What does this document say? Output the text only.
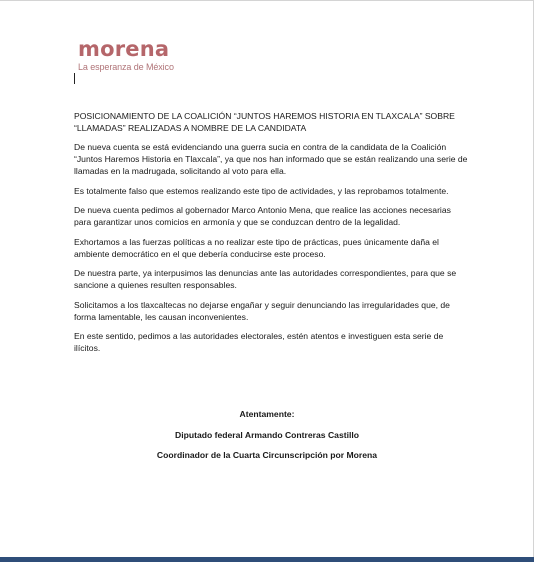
morena
La esperanza de México

POSICIONAMIENTO DE LA COALICIÓN “JUNTOS HAREMOS HISTORIA EN TLAXCALA” SOBRE “LLAMADAS” REALIZADAS A NOMBRE DE LA CANDIDATA

De nueva cuenta se está evidenciando una guerra sucia en contra de la candidata de la Coalición “Juntos Haremos Historia en Tlaxcala”, ya que nos han informado que se están realizando una serie de llamadas en la madrugada, solicitando al voto para ella.

Es totalmente falso que estemos realizando este tipo de actividades, y las reprobamos totalmente.

De nueva cuenta pedimos al gobernador Marco Antonio Mena, que realice las acciones necesarias para garantizar unos comicios en armonía y que se conduzcan dentro de la legalidad.

Exhortamos a las fuerzas políticas a no realizar este tipo de prácticas, pues únicamente daña el ambiente democrático en el que debería conducirse este proceso.

De nuestra parte, ya interpusimos las denuncias ante las autoridades correspondientes, para que se sancione a quienes resulten responsables.

Solicitamos a los tlaxcaltecas no dejarse engañar y seguir denunciando las irregularidades que, de forma lamentable, les causan inconvenientes.

En este sentido, pedimos a las autoridades electorales, estén atentos e investiguen esta serie de ilícitos.

Atentamente:
Diputado federal Armando Contreras Castillo
Coordinador de la Cuarta Circunscripción por Morena
